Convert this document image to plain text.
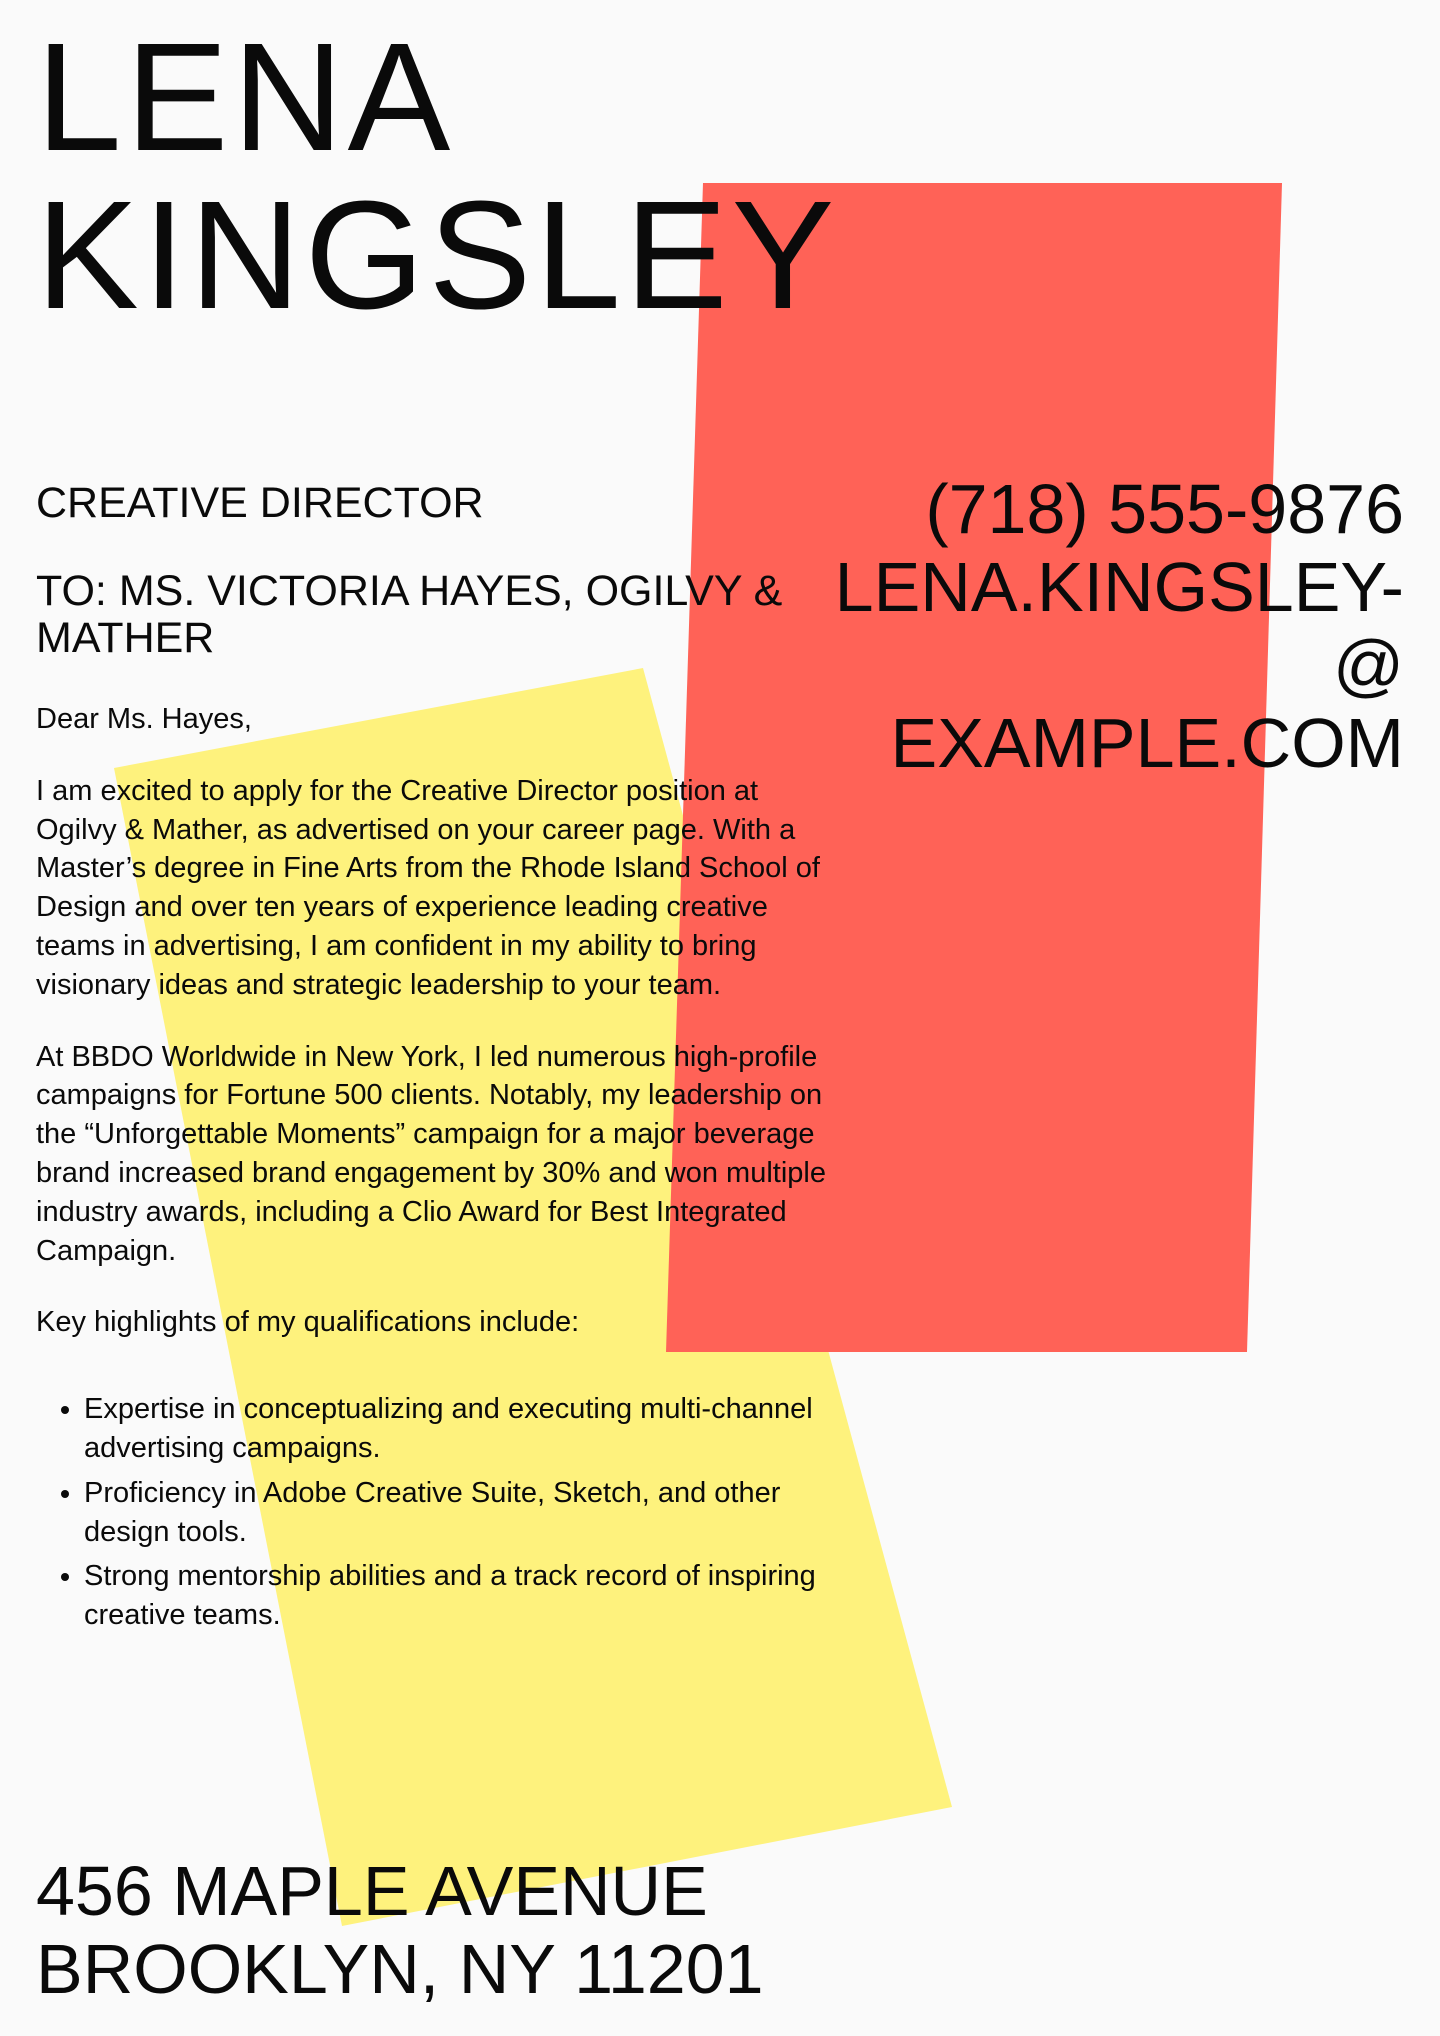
LENA
KINGSLEY
(718) 555-9876
LENA.KINGSLEY-
@
EXAMPLE.COM
CREATIVE DIRECTOR
TO: MS. VICTORIA HAYES, OGILVY & MATHER

Dear Ms. Hayes,

I am excited to apply for the Creative Director position at Ogilvy & Mather, as advertised on your career page. With a Master’s degree in Fine Arts from the Rhode Island School of Design and over ten years of experience leading creative teams in advertising, I am confident in my ability to bring visionary ideas and strategic leadership to your team.

At BBDO Worldwide in New York, I led numerous high-profile campaigns for Fortune 500 clients. Notably, my leadership on the “Unforgettable Moments” campaign for a major beverage brand increased brand engagement by 30% and won multiple industry awards, including a Clio Award for Best Integrated Campaign.

Key highlights of my qualifications include:

• Expertise in conceptualizing and executing multi-channel advertising campaigns.
• Proficiency in Adobe Creative Suite, Sketch, and other design tools.
• Strong mentorship abilities and a track record of inspiring creative teams.
456 MAPLE AVENUE
BROOKLYN, NY 11201
